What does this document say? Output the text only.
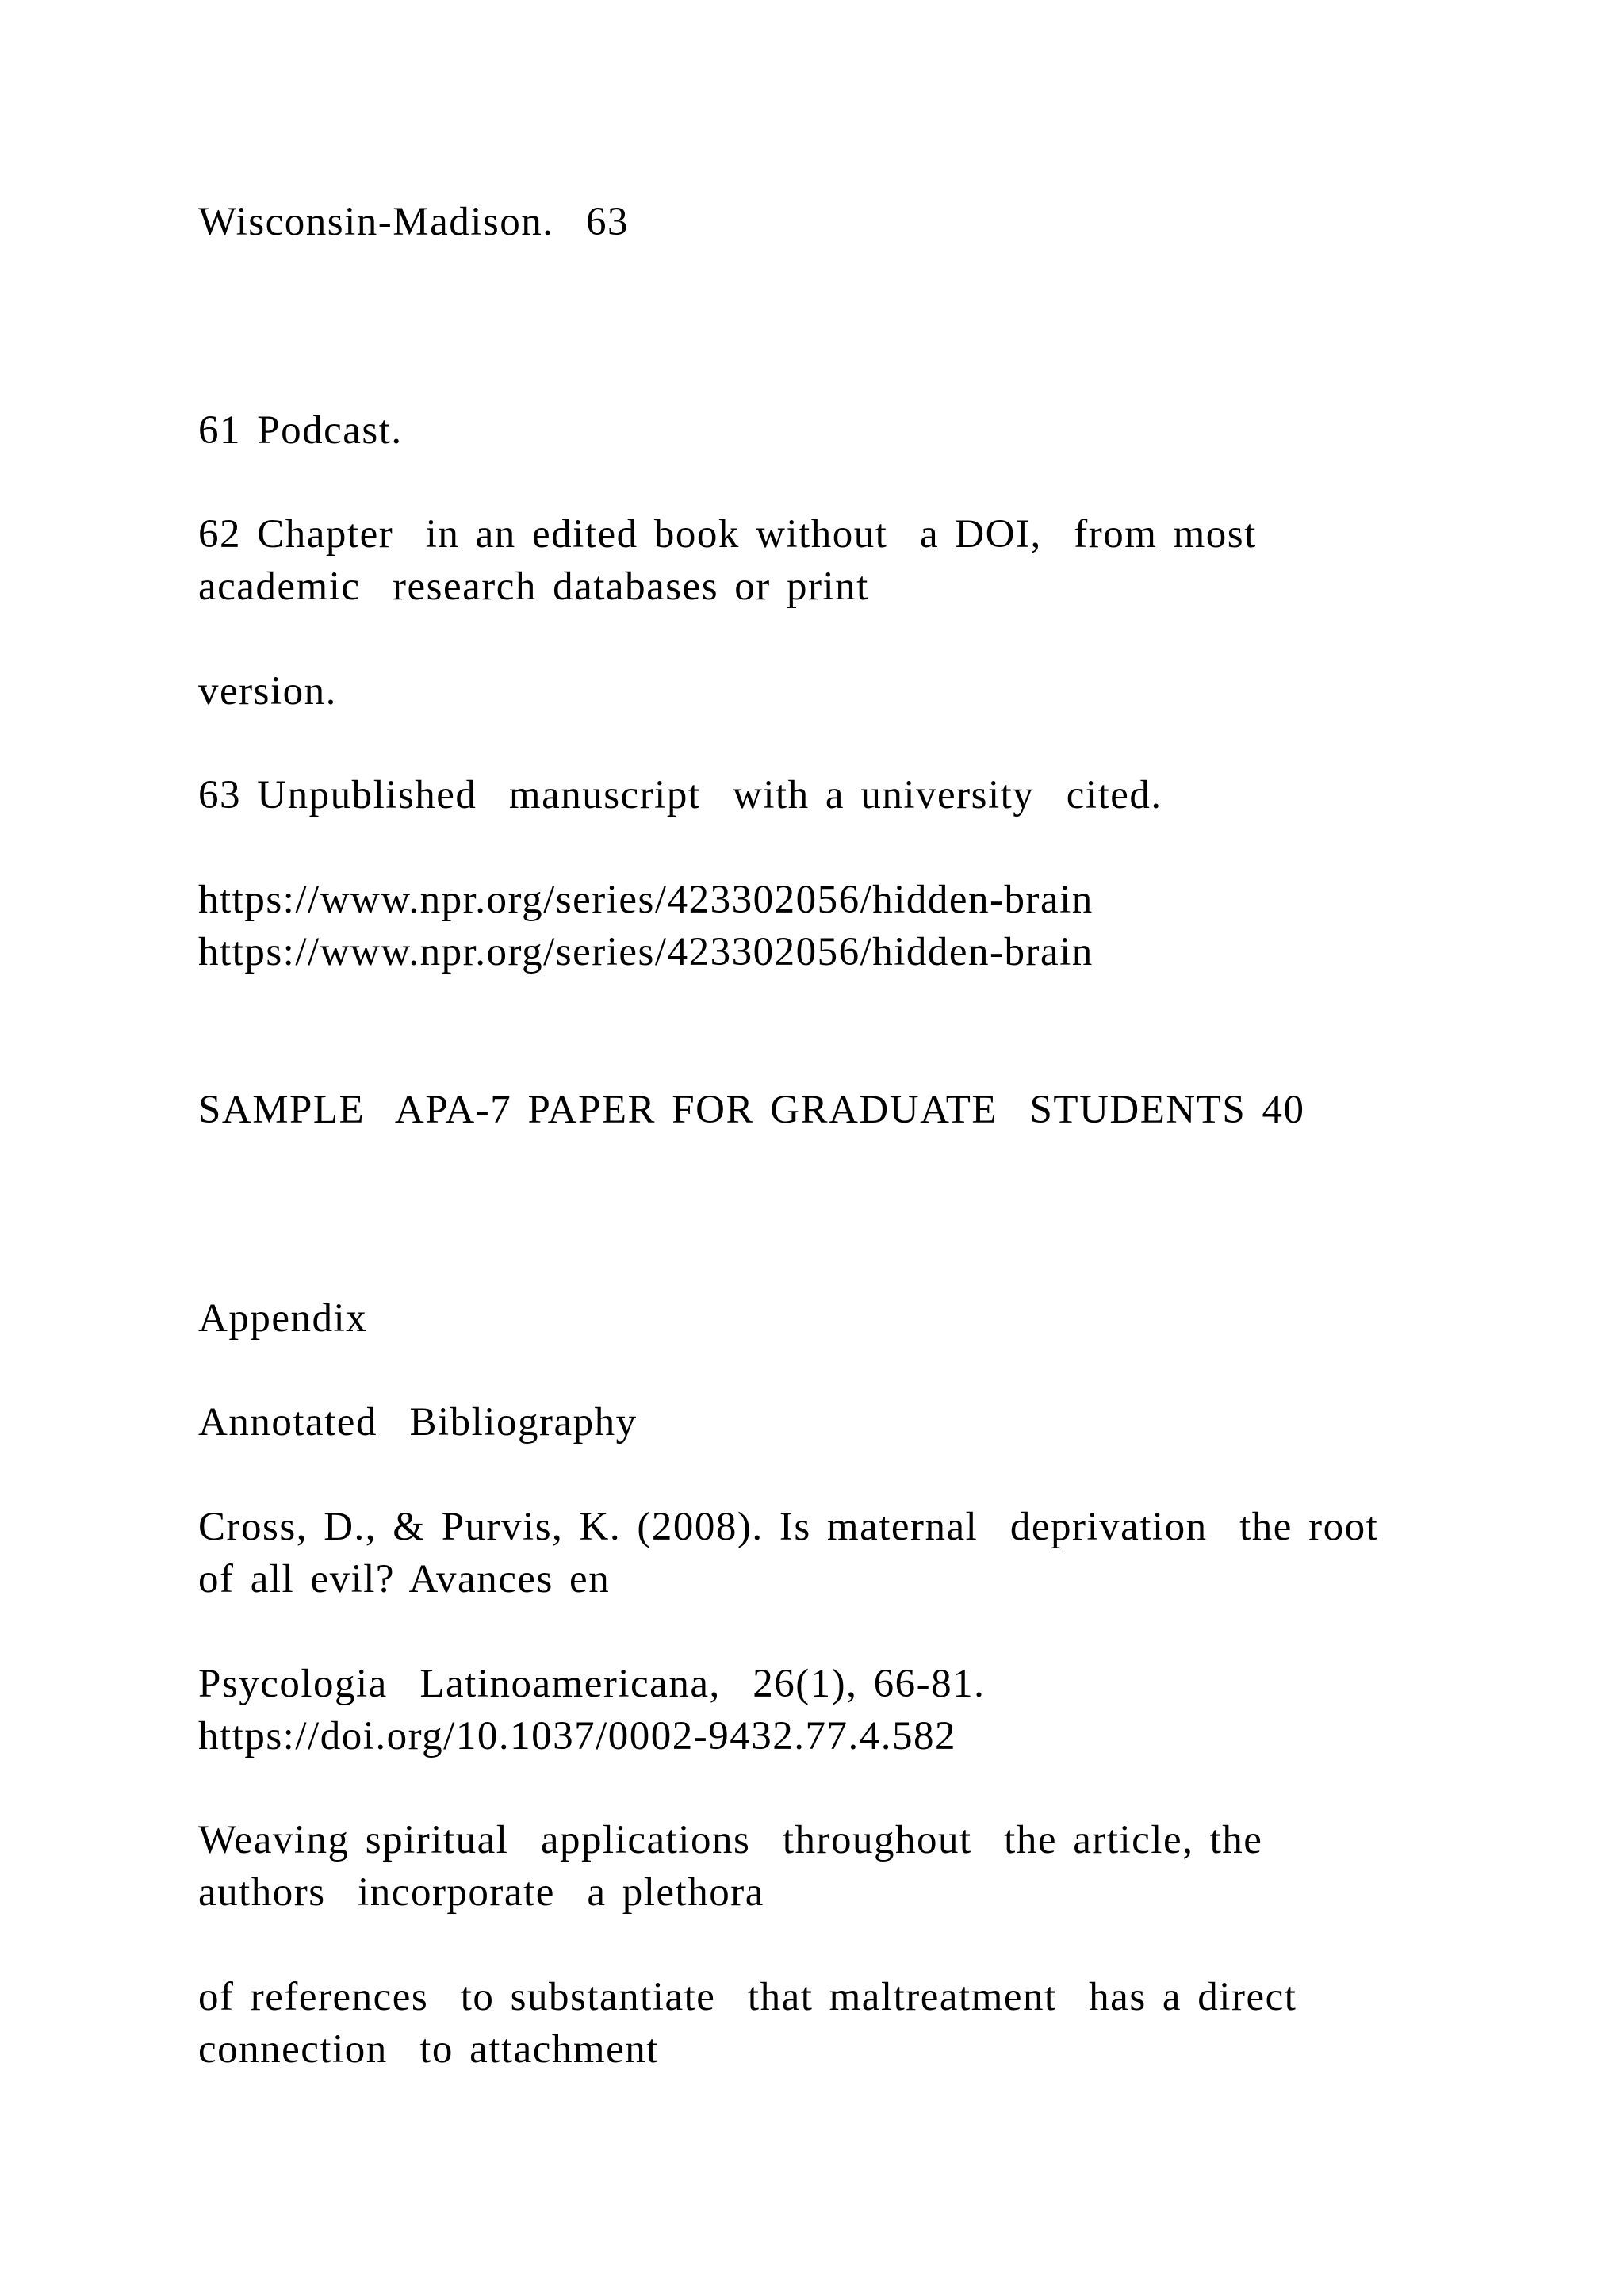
Wisconsin-Madison.  63

61 Podcast.

62 Chapter  in an edited book without  a DOI,  from most

academic  research databases or print

version.

63 Unpublished  manuscript  with a university  cited.

https://www.npr.org/series/423302056/hidden-brain

https://www.npr.org/series/423302056/hidden-brain

SAMPLE  APA-7 PAPER FOR GRADUATE  STUDENTS 40

Appendix

Annotated  Bibliography

Cross, D., & Purvis, K. (2008). Is maternal  deprivation  the root

of all evil? Avances en

Psycologia  Latinoamericana,  26(1), 66-81.

https://doi.org/10.1037/0002-9432.77.4.582

Weaving spiritual  applications  throughout  the article, the

authors  incorporate  a plethora

of references  to substantiate  that maltreatment  has a direct

connection  to attachment
